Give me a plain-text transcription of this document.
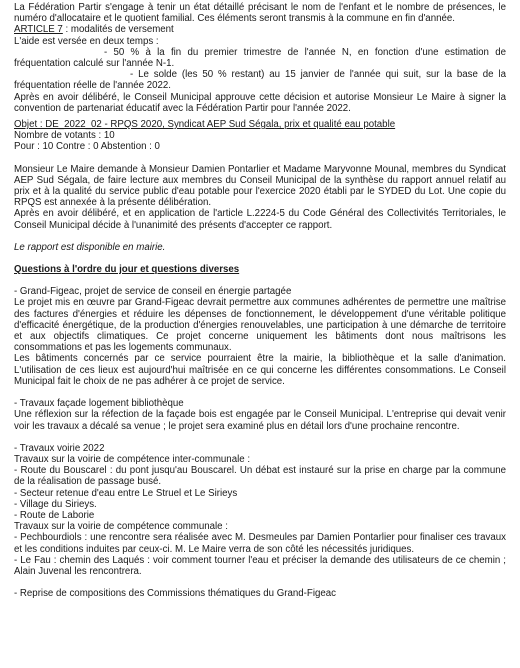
La Fédération Partir s'engage à tenir un état détaillé précisant le nom de l'enfant et le nombre de présences, le numéro d'allocataire et le quotient familial. Ces éléments seront transmis à la commune en fin d'année.

ARTICLE 7 : modalités de versement

L'aide est versée en deux temps :

- 50 % à la fin du premier trimestre de l'année N, en fonction d'une estimation de fréquentation calculé sur l'année N-1.

- Le solde (les 50 % restant) au 15 janvier de l'année qui suit, sur la base de la fréquentation réelle de l'année 2022.

Après en avoir délibéré, le Conseil Municipal approuve cette décision et autorise Monsieur Le Maire à signer la convention de partenariat éducatif avec la Fédération Partir pour l'année 2022.

Objet : DE_2022_02 - RPQS 2020, Syndicat AEP Sud Ségala, prix et qualité eau potable

Nombre de votants : 10

Pour : 10 Contre : 0 Abstention : 0

Monsieur Le Maire demande à Monsieur Damien Pontarlier et Madame Maryvonne Mounal, membres du Syndicat AEP Sud Ségala, de faire lecture aux membres du Conseil Municipal de la synthèse du rapport annuel relatif au prix et à la qualité du service public d'eau potable pour l'exercice 2020 établi par le SYDED du Lot. Une copie du RPQS est annexée à la présente délibération.

Après en avoir délibéré, et en application de l'article L.2224-5 du Code Général des Collectivités Territoriales, le Conseil Municipal décide à l'unanimité des présents d'accepter ce rapport.

Le rapport est disponible en mairie.

Questions à l'ordre du jour et questions diverses

- Grand-Figeac, projet de service de conseil en énergie partagée

Le projet mis en œuvre par Grand-Figeac devrait permettre aux communes adhérentes de permettre une maîtrise des factures d'énergies et réduire les dépenses de fonctionnement, le développement d'une véritable politique d'efficacité énergétique, de la production d'énergies renouvelables, une participation à une démarche de territoire et aux objectifs climatiques. Ce projet concerne uniquement les bâtiments dont nous maîtrisons les consommations et pas les logements communaux.

Les bâtiments concernés par ce service pourraient être la mairie, la bibliothèque et la salle d'animation. L'utilisation de ces lieux est aujourd'hui maîtrisée en ce qui concerne les différentes consommations. Le Conseil Municipal fait le choix de ne pas adhérer à ce projet de service.

- Travaux façade logement bibliothèque

Une réflexion sur la réfection de la façade bois est engagée par le Conseil Municipal. L'entreprise qui devait venir voir les travaux a décalé sa venue ; le projet sera examiné plus en détail lors d'une prochaine rencontre.

- Travaux voirie 2022

Travaux sur la voirie de compétence inter-communale :

- Route du Bouscarel : du pont jusqu'au Bouscarel. Un débat est instauré sur la prise en charge par la commune de la réalisation de passage busé.

- Secteur retenue d'eau entre Le Struel et Le Sirieys

- Village du Sirieys.

- Route de Laborie

Travaux sur la voirie de compétence communale :

- Pechbourdiols : une rencontre sera réalisée avec M. Desmeules par Damien Pontarlier pour finaliser ces travaux et les conditions induites par ceux-ci. M. Le Maire verra de son côté les nécessités juridiques.

- Le Fau : chemin des Laqués : voir comment tourner l'eau et préciser la demande des utilisateurs de ce chemin ; Alain Juvenal les rencontrera.

- Reprise de compositions des Commissions thématiques du Grand-Figeac
